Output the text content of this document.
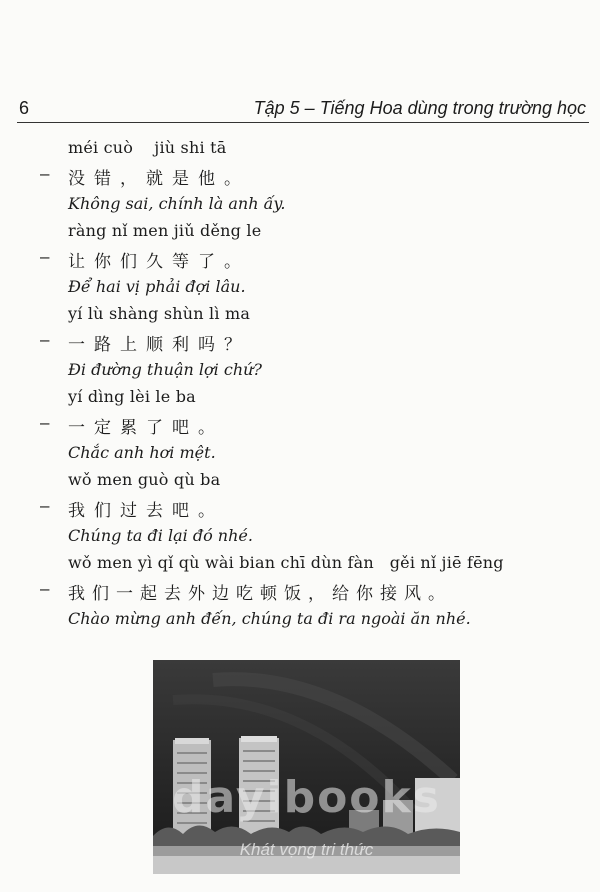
6	Tập 5 – Tiếng Hoa dùng trong trường học
méi cuò    jiù shi tā
– 没错，就是他。
Không sai, chính là anh ấy.
ràng nǐ men jiǔ děng le
– 让你们久等了。
Để hai vị phải đợi lâu.
yí lù shàng shùn lì ma
– 一路上顺利吗？
Đi đường thuận lợi chứ?
yí dìng lèi le ba
– 一定累了吧。
Chắc anh hơi mệt.
wǒ men guò qù ba
– 我们过去吧。
Chúng ta đi lại đó nhé.
wǒ men yì qǐ qù wài bian chī dùn fàn   gěi nǐ jiē fēng
– 我们一起去外边吃顿饭，给你接风。
Chào mừng anh đến, chúng ta đi ra ngoài ăn nhé.
dayibooks
Khát vọng tri thức
